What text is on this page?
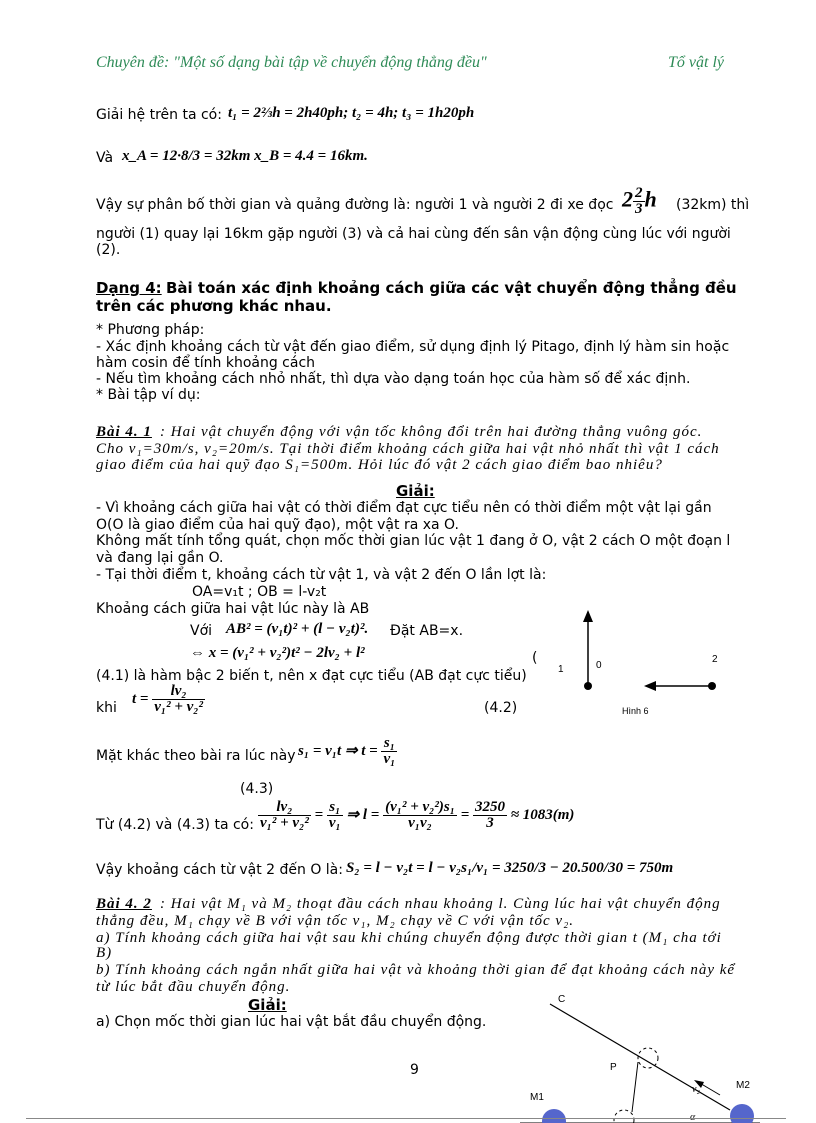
Chuyên đề: "Một số dạng bài tập về chuyển động thẳng đều"	Tổ vật lý
Giải hệ trên ta có: t₁ = 2⅔h = 2h40ph; t₂ = 4h; t₃ = 1h20ph
Và x_A = 12·8/3 = 32km x_B = 4.4 = 16km.
Vậy sự phân bố thời gian và quảng đường là: người 1 và người 2 đi xe đọc $2 \frac{2}{3}$ h (32km) thì
người (1) quay lại 16km gặp người (3) và cả hai cùng đến sân vận động cùng lúc với người
(2).
Dạng 4: Bài toán xác định khoảng cách giữa các vật chuyển động thẳng đều
trên các phương khác nhau.
* Phương pháp:
- Xác định khoảng cách từ vật đến giao điểm, sử dụng định lý Pitago, định lý hàm sin hoặc
hàm cosin để tính khoảng cách
- Nếu tìm khoảng cách nhỏ nhất, thì dựa vào dạng toán học của hàm số để xác định.
* Bài tập ví dụ:
Bài 4. 1 : Hai vật chuyển động với vận tốc không đổi trên hai đường thẳng vuông góc.
Cho v₁=30m/s, v₂=20m/s. Tại thời điểm khoảng cách giữa hai vật nhỏ nhất thì vật 1 cách
giao điểm của hai quỹ đạo S₁=500m. Hỏi lúc đó vật 2 cách giao điểm bao nhiêu?
Giải:
- Vì khoảng cách giữa hai vật có thời điểm đạt cực tiểu nên có thời điểm một vật lại gần
O(O là giao điểm của hai quỹ đạo), một vật ra xa O.
Không mất tính tổng quát, chọn mốc thời gian lúc vật 1 đang ở O, vật 2 cách O một đoạn l
và đang lại gần O.
- Tại thời điểm t, khoảng cách từ vật 1, và vật 2 đến O lần lợt là:
OA=v₁t ; OB = l-v₂t
Khoảng cách giữa hai vật lúc này là AB
Với AB² = (v₁t)² + (l − v₂t)². Đặt AB=x.
⇔ x = (v₁² + v₂²)t² − 2lv₂ + l²	(
(4.1) là hàm bậc 2 biến t, nên x đạt cực tiểu (AB đạt cực tiểu)
khi
$t = \frac{\text{lv₂}}{\text{v₁² + v₂²}}$	(4.2)
Mặt khác theo bài ra lúc này s₁ = v₁t ⇒ $t = \frac{\text{s₁}}{\text{v₁}}$
(4.3)
Từ (4.2) và (4.3) ta có: $\frac{\text{lv₂}}{\text{v₁² + v₂²}} = \frac{\text{s₁}}{\text{v₁}}$ ⇒ $l = \frac{\text{(v₁² + v₂²)s₁}}{\text{v₁v₂}} = \frac{3250}{3} \approx 1083(m)$
Vậy khoảng cách từ vật 2 đến O là: S₂ = l − v₂t = l − v₂s₁/v₁ = 3250/3 − 20.500/30 = 750m
1	0
2
Hình 6
Bài 4. 2 : Hai vật M₁ và M₂ thoạt đầu cách nhau khoảng l. Cùng lúc hai vật chuyển động
thẳng đều, M₁ chạy về B với vận tốc v₁, M₂ chạy về C với vận tốc v₂.
a) Tính khoảng cách giữa hai vật sau khi chúng chuyển động được thời gian t (M₁ cha tới
B)
b) Tính khoảng cách ngắn nhất giữa hai vật và khoảng thời gian để đạt khoảng cách này kể
từ lúc bắt đầu chuyển động.
Giải:
a) Chọn mốc thời gian lúc hai vật bắt đầu chuyển động.
C
P
v₂	M2
M1
α
9
